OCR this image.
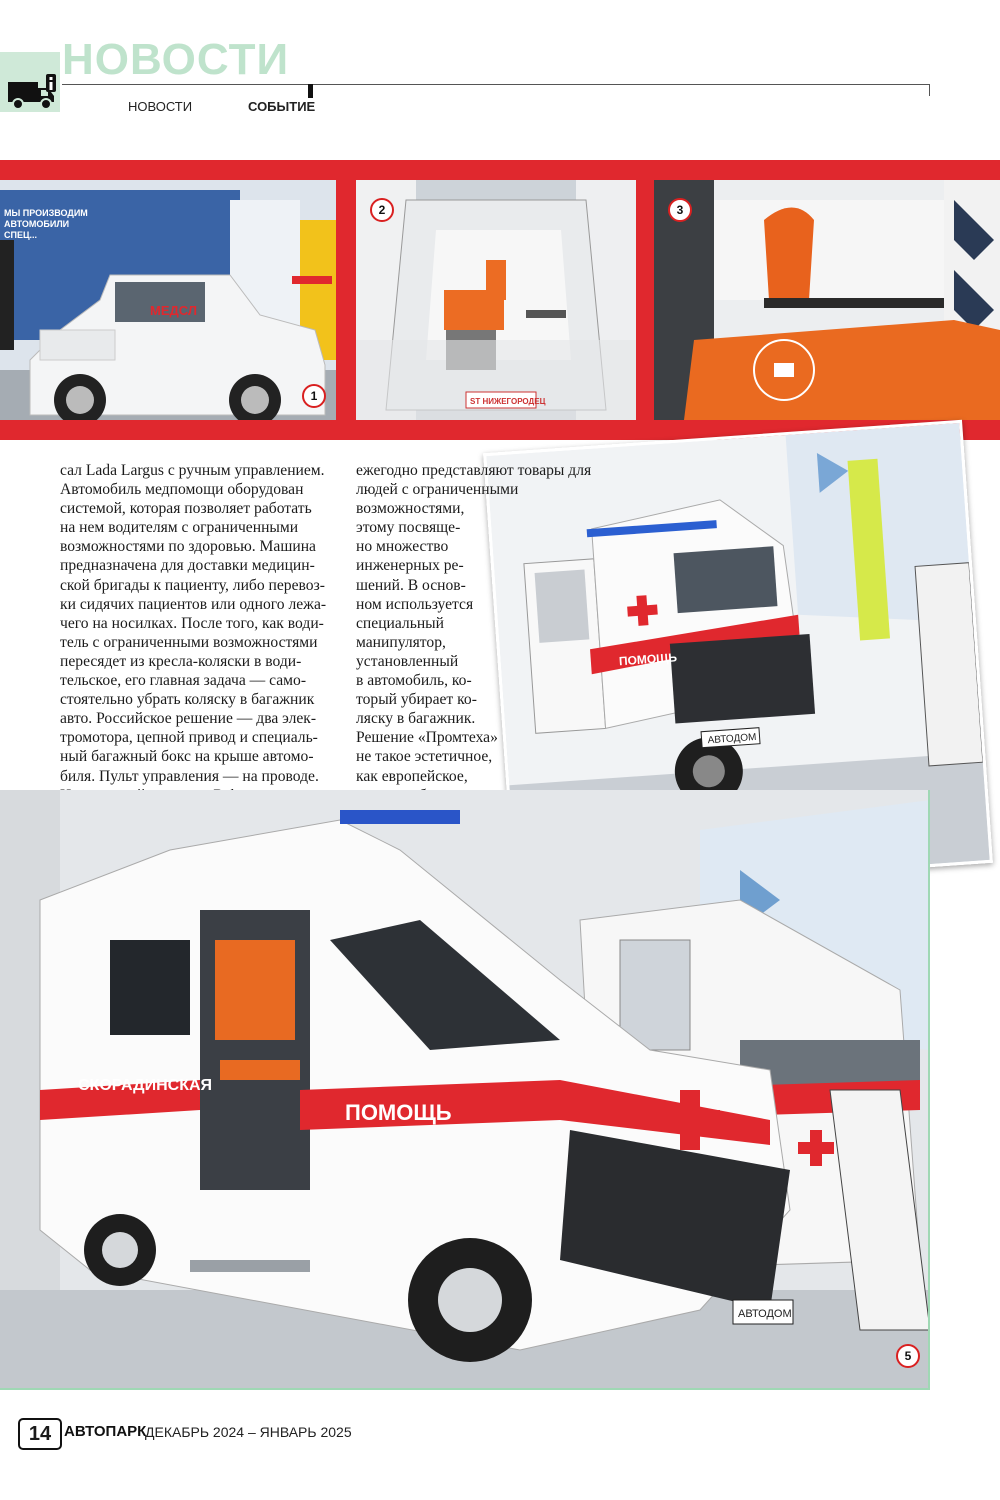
НОВОСТИ
НОВОСТИ	СОБЫТИЕ
МЫ ПРОИЗВОДИМ
АВТОМОБИЛИ
СПЕЦ...
МЕДСЛ
1	ST НИЖЕГОРОДЕЦ
2	3
ПОМОЩЬ
АВТОДОМ
сал Lada Largus с ручным управлением.
Автомобиль медпомощи оборудован
системой, которая позволяет работать
на нем водителям с ограниченными
возможностями по здоровью. Машина
предназначена для доставки медицин-
ской бригады к пациенту, либо перевоз-
ки сидячих пациентов или одного лежа-
чего на носилках. После того, как води-
тель с ограниченными возможностями
пересядет из кресла-коляски в води-
тельское, его главная задача — само-
стоятельно убрать коляску в багажник
авто. Российское решение — два элек-
тромотора, цепной привод и специаль-
ный багажный бокс на крыше автомо-
биля. Пульт управления — на проводе.
ежегодно представляют товары для
людей с ограниченными
возможностями,
этому посвяще-
но множество
инженерных ре-
шений. В основ-
ном используется
специальный
манипулятор,
установленный
в автомобиль, ко-
торый убирает ко-
ляску в багажник.
Решение «Промтеха»
не такое эстетичное,
как европейское,
СКОРАДИНСКАЯ
ПОМОЩЬ
АВТОДОМ
5
14 АВТОПАРК
ДЕКАБРЬ 2024 – ЯНВАРЬ 2025
